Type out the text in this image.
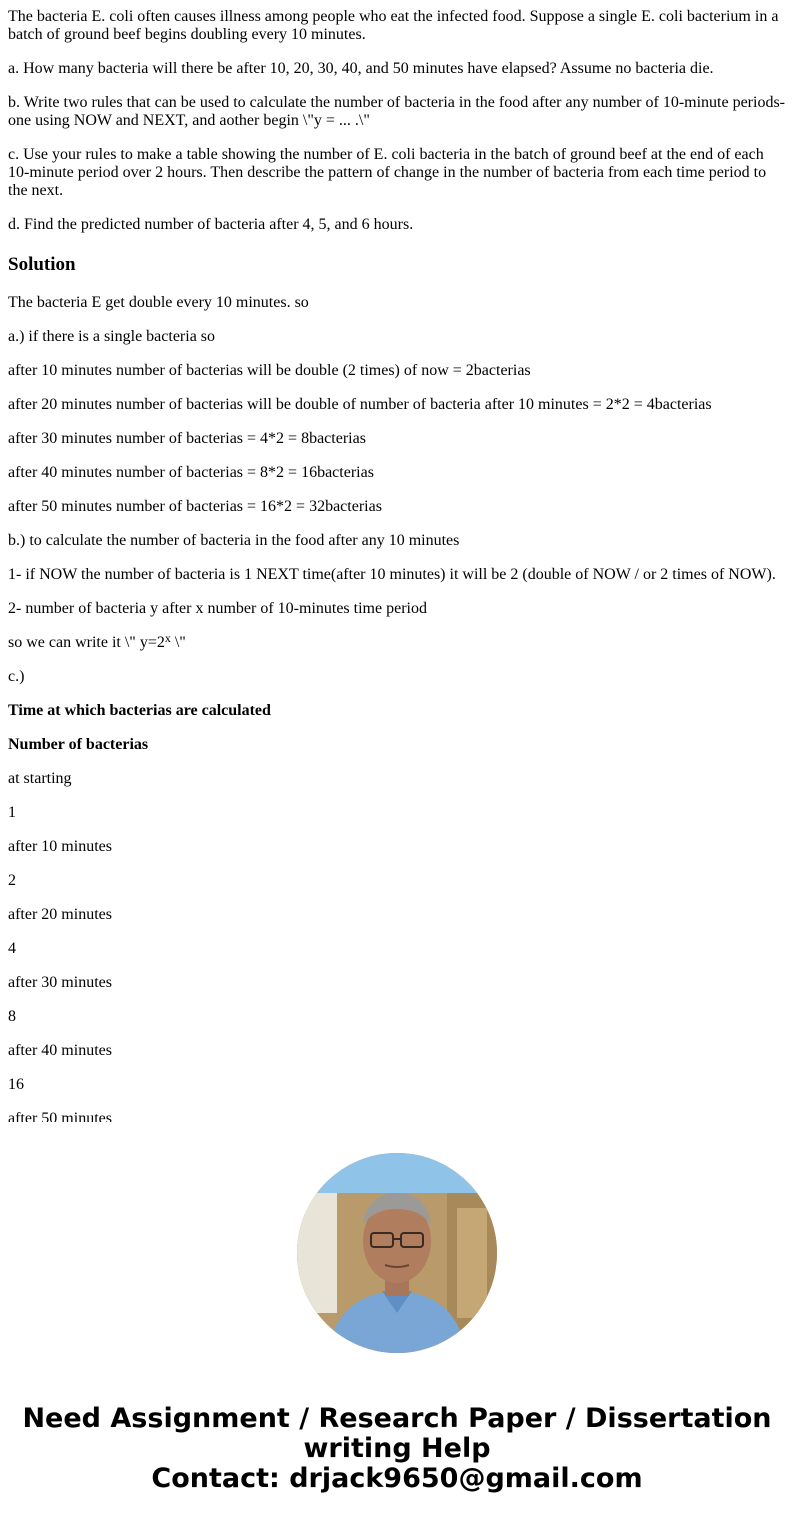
The bacteria E. coli often causes illness among people who eat the infected food. Suppose a single E. coli bacterium in a batch of ground beef begins doubling every 10 minutes.

a. How many bacteria will there be after 10, 20, 30, 40, and 50 minutes have elapsed? Assume no bacteria die.

b. Write two rules that can be used to calculate the number of bacteria in the food after any number of 10-minute periods- one using NOW and NEXT, and aother begin \"y = ... .\"

c. Use your rules to make a table showing the number of E. coli bacteria in the batch of ground beef at the end of each 10-minute period over 2 hours. Then describe the pattern of change in the number of bacteria from each time period to the next.

d. Find the predicted number of bacteria after 4, 5, and 6 hours.

Solution

The bacteria E get double every 10 minutes. so

a.) if there is a single bacteria so

after 10 minutes number of bacterias will be double (2 times) of now = 2bacterias

after 20 minutes number of bacterias will be double of number of bacteria after 10 minutes = 2*2 = 4bacterias

after 30 minutes number of bacterias = 4*2 = 8bacterias

after 40 minutes number of bacterias = 8*2 = 16bacterias

after 50 minutes number of bacterias = 16*2 = 32bacterias

b.) to calculate the number of bacteria in the food after any 10 minutes

1- if NOW the number of bacteria is 1 NEXT time(after 10 minutes) it will be 2 (double of NOW / or 2 times of NOW).

2- number of bacteria y after x number of 10-minutes time period

so we can write it \" $y=2^x$ \"

c.)

Time at which bacterias are calculated

Number of bacterias

at starting

1

after 10 minutes

2

after 20 minutes

4

after 30 minutes

8

after 40 minutes

16

after 50 minutes

Need Assignment / Research Paper / Dissertation
writing Help
Contact: drjack9650@gmail.com
